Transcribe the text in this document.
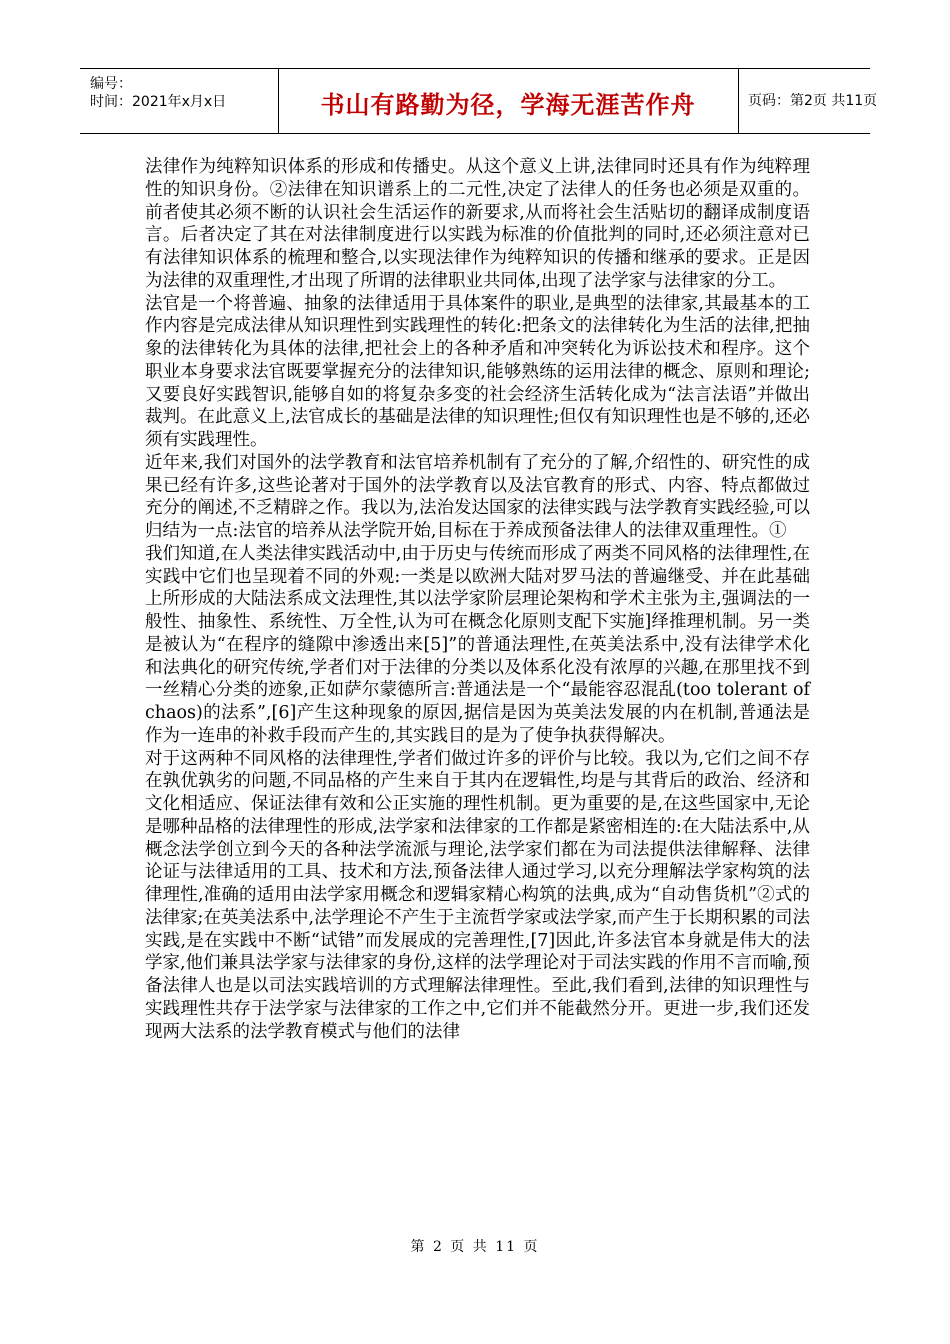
编号：
时间：2021年x月x日	书山有路勤为径，学海无涯苦作舟	页码：第2页 共11页

法律作为纯粹知识体系的形成和传播史。从这个意义上讲,法律同时还具有作为纯粹理性的知识身份。②法律在知识谱系上的二元性,决定了法律人的任务也必须是双重的。前者使其必须不断的认识社会生活运作的新要求,从而将社会生活贴切的翻译成制度语言。后者决定了其在对法律制度进行以实践为标准的价值批判的同时,还必须注意对已有法律知识体系的梳理和整合,以实现法律作为纯粹知识的传播和继承的要求。正是因为法律的双重理性,才出现了所谓的法律职业共同体,出现了法学家与法律家的分工。

法官是一个将普遍、抽象的法律适用于具体案件的职业,是典型的法律家,其最基本的工作内容是完成法律从知识理性到实践理性的转化:把条文的法律转化为生活的法律,把抽象的法律转化为具体的法律,把社会上的各种矛盾和冲突转化为诉讼技术和程序。这个职业本身要求法官既要掌握充分的法律知识,能够熟练的运用法律的概念、原则和理论;又要良好实践智识,能够自如的将复杂多变的社会经济生活转化成为“法言法语”并做出裁判。在此意义上,法官成长的基础是法律的知识理性;但仅有知识理性也是不够的,还必须有实践理性。

近年来,我们对国外的法学教育和法官培养机制有了充分的了解,介绍性的、研究性的成果已经有许多,这些论著对于国外的法学教育以及法官教育的形式、内容、特点都做过充分的阐述,不乏精辟之作。我以为,法治发达国家的法律实践与法学教育实践经验,可以归结为一点:法官的培养从法学院开始,目标在于养成预备法律人的法律双重理性。①

我们知道,在人类法律实践活动中,由于历史与传统而形成了两类不同风格的法律理性,在实践中它们也呈现着不同的外观:一类是以欧洲大陆对罗马法的普遍继受、并在此基础上所形成的大陆法系成文法理性,其以法学家阶层理论架构和学术主张为主,强调法的一般性、抽象性、系统性、万全性,认为可在概念化原则支配下实施]绎推理机制。另一类是被认为“在程序的缝隙中渗透出来[5]”的普通法理性,在英美法系中,没有法律学术化和法典化的研究传统,学者们对于法律的分类以及体系化没有浓厚的兴趣,在那里找不到一丝精心分类的迹象,正如萨尔蒙德所言:普通法是一个“最能容忍混乱(too tolerant of chaos)的法系”,[6]产生这种现象的原因,据信是因为英美法发展的内在机制,普通法是作为一连串的补救手段而产生的,其实践目的是为了使争执获得解决。

对于这两种不同风格的法律理性,学者们做过许多的评价与比较。我以为,它们之间不存在孰优孰劣的问题,不同品格的产生来自于其内在逻辑性,均是与其背后的政治、经济和文化相适应、保证法律有效和公正实施的理性机制。更为重要的是,在这些国家中,无论是哪种品格的法律理性的形成,法学家和法律家的工作都是紧密相连的:在大陆法系中,从概念法学创立到今天的各种法学流派与理论,法学家们都在为司法提供法律解释、法律论证与法律适用的工具、技术和方法,预备法律人通过学习,以充分理解法学家构筑的法律理性,准确的适用由法学家用概念和逻辑家精心构筑的法典,成为“自动售货机”②式的法律家;在英美法系中,法学理论不产生于主流哲学家或法学家,而产生于长期积累的司法实践,是在实践中不断“试错”而发展成的完善理性,[7]因此,许多法官本身就是伟大的法学家,他们兼具法学家与法律家的身份,这样的法学理论对于司法实践的作用不言而喻,预备法律人也是以司法实践培训的方式理解法律理性。至此,我们看到,法律的知识理性与实践理性共存于法学家与法律家的工作之中,它们并不能截然分开。更进一步,我们还发现两大法系的法学教育模式与他们的法律

第 2 页 共 11 页
